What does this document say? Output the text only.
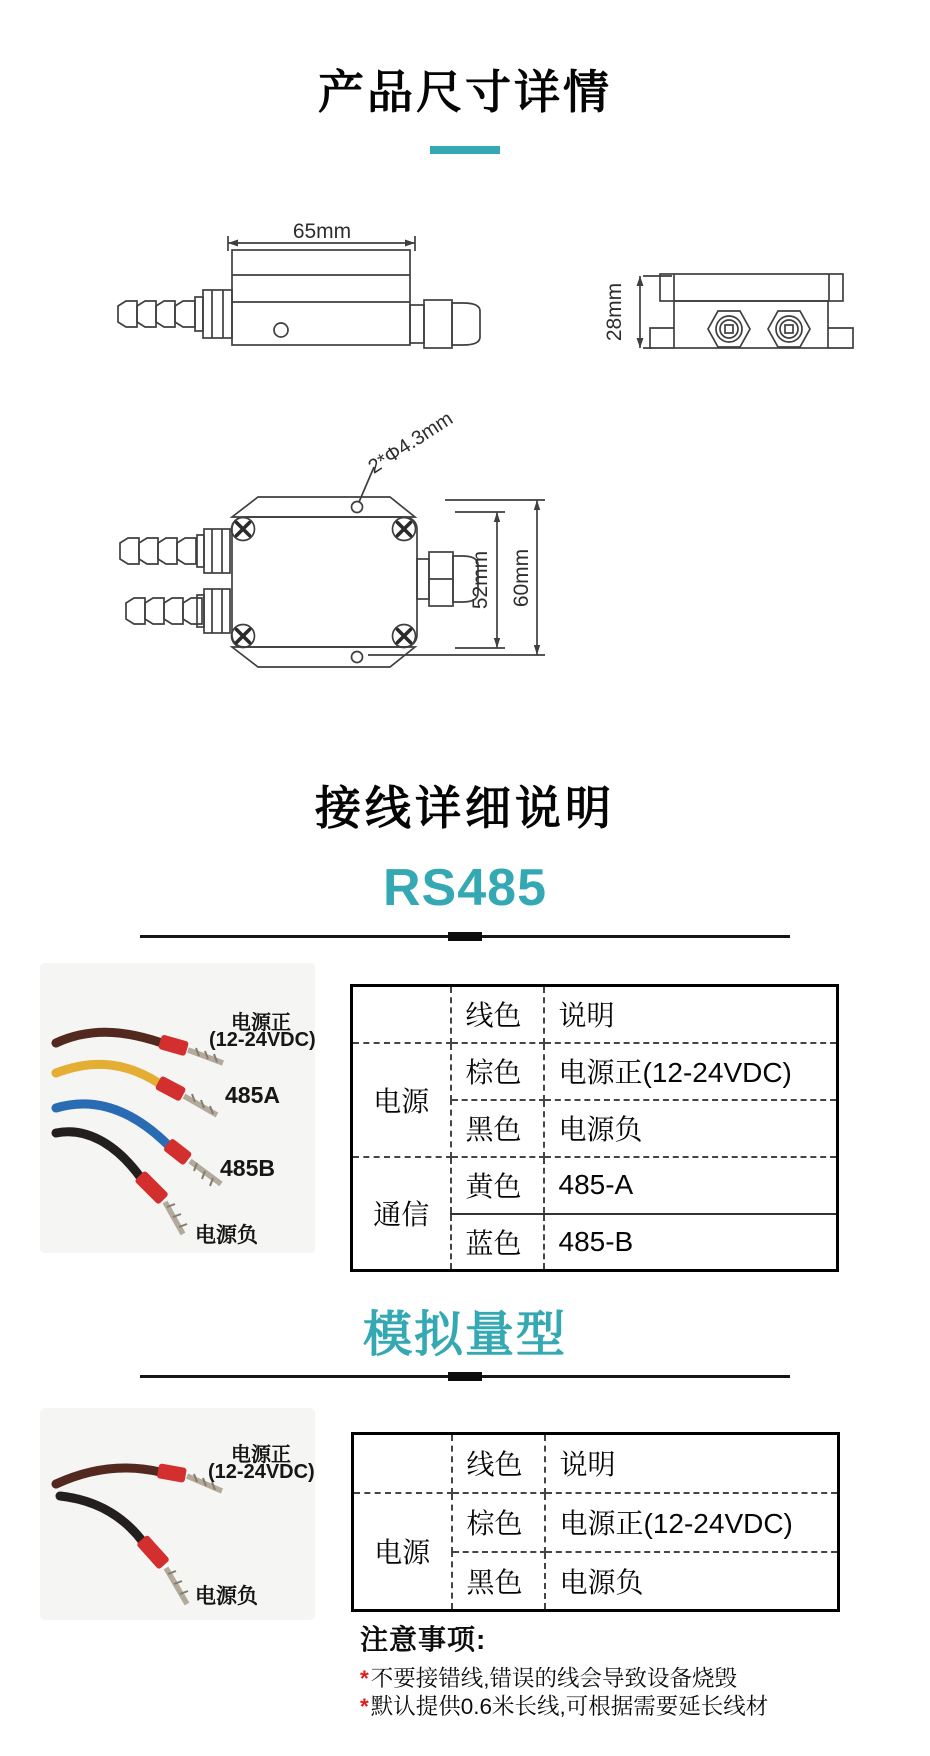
产品尺寸详情
65mm
28mm
2*Φ4.3mm
52mm 60mm
接线详细说明
RS485
电源正
(12-24VDC)
485A
485B
电源负
	线色	说明
电源	棕色	电源正(12-24VDC)
	黑色	电源负
通信	黄色	485-A
	蓝色	485-B
模拟量型
电源正
(12-24VDC)
电源负
	线色	说明
电源	棕色	电源正(12-24VDC)
	黑色	电源负
注意事项:
*不要接错线,错误的线会导致设备烧毁
*默认提供0.6米长线,可根据需要延长线材
